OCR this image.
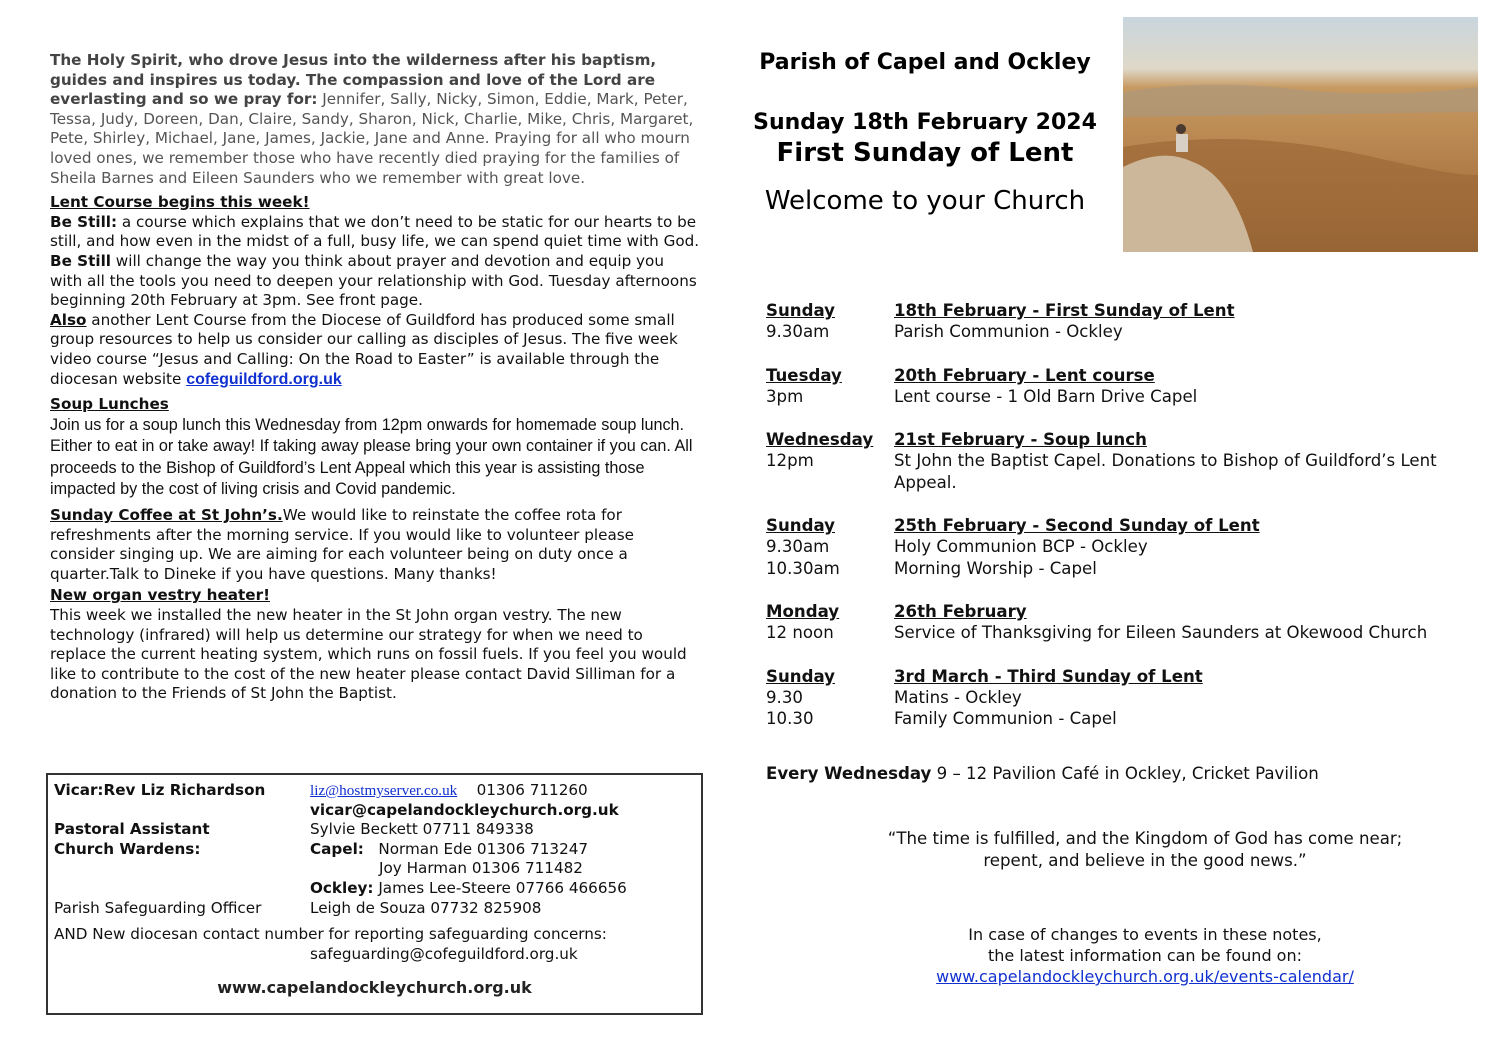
The Holy Spirit, who drove Jesus into the wilderness after his baptism, guides and inspires us today. The compassion and love of the Lord are everlasting and so we pray for: Jennifer, Sally, Nicky, Simon, Eddie, Mark, Peter, Tessa, Judy, Doreen, Dan, Claire, Sandy, Sharon, Nick, Charlie, Mike, Chris, Margaret, Pete, Shirley, Michael, Jane, James, Jackie, Jane and Anne. Praying for all who mourn loved ones, we remember those who have recently died praying for the families of Sheila Barnes and Eileen Saunders who we remember with great love.

Lent Course begins this week!

Be Still: a course which explains that we don’t need to be static for our hearts to be still, and how even in the midst of a full, busy life, we can spend quiet time with God. Be Still will change the way you think about prayer and devotion and equip you with all the tools you need to deepen your relationship with God. Tuesday afternoons beginning 20th February at 3pm. See front page.
Also another Lent Course from the Diocese of Guildford has produced some small group resources to help us consider our calling as disciples of Jesus. The five week video course “Jesus and Calling: On the Road to Easter” is available through the diocesan website cofeguildford.org.uk

Soup Lunches

Join us for a soup lunch this Wednesday from 12pm onwards for homemade soup lunch. Either to eat in or take away! If taking away please bring your own container if you can. All proceeds to the Bishop of Guildford’s Lent Appeal which this year is assisting those impacted by the cost of living crisis and Covid pandemic.

Sunday Coffee at St John’s.We would like to reinstate the coffee rota for refreshments after the morning service. If you would like to volunteer please consider singing up. We are aiming for each volunteer being on duty once a quarter.Talk to Dineke if you have questions. Many thanks!

New organ vestry heater!

This week we installed the new heater in the St John organ vestry. The new technology (infrared) will help us determine our strategy for when we need to replace the current heating system, which runs on fossil fuels. If you feel you would like to contribute to the cost of the new heater please contact David Silliman for a donation to the Friends of St John the Baptist.

Vicar:Rev Liz Richardson	liz@hostmyserver.co.uk 01306 711260
vicar@capelandockleychurch.org.uk
Pastoral Assistant	Sylvie Beckett 07711 849338
Church Wardens:	Capel: Norman Ede 01306 713247
Joy Harman 01306 711482
Ockley: James Lee-Steere 07766 466656
Parish Safeguarding Officer	Leigh de Souza 07732 825908
AND New diocesan contact number for reporting safeguarding concerns:
safeguarding@cofeguildford.org.uk
www.capelandockleychurch.org.uk
Parish of Capel and Ockley
Sunday 18th February 2024
First Sunday of Lent
Welcome to your Church
Sunday	18th February - First Sunday of Lent
9.30am	Parish Communion - Ockley
Tuesday	20th February - Lent course
3pm	Lent course - 1 Old Barn Drive Capel
Wednesday	21st February - Soup lunch
12pm	St John the Baptist Capel. Donations to Bishop of Guildford’s Lent Appeal.
Sunday	25th February - Second Sunday of Lent
9.30am	Holy Communion BCP - Ockley
10.30am	Morning Worship - Capel
Monday	26th February
12 noon	Service of Thanksgiving for Eileen Saunders at Okewood Church
Sunday	3rd March - Third Sunday of Lent
9.30	Matins - Ockley
10.30	Family Communion - Capel
Every Wednesday 9 – 12 Pavilion Café in Ockley, Cricket Pavilion
“The time is fulfilled, and the Kingdom of God has come near;
repent, and believe in the good news.”
In case of changes to events in these notes,
the latest information can be found on:
www.capelandockleychurch.org.uk/events-calendar/
